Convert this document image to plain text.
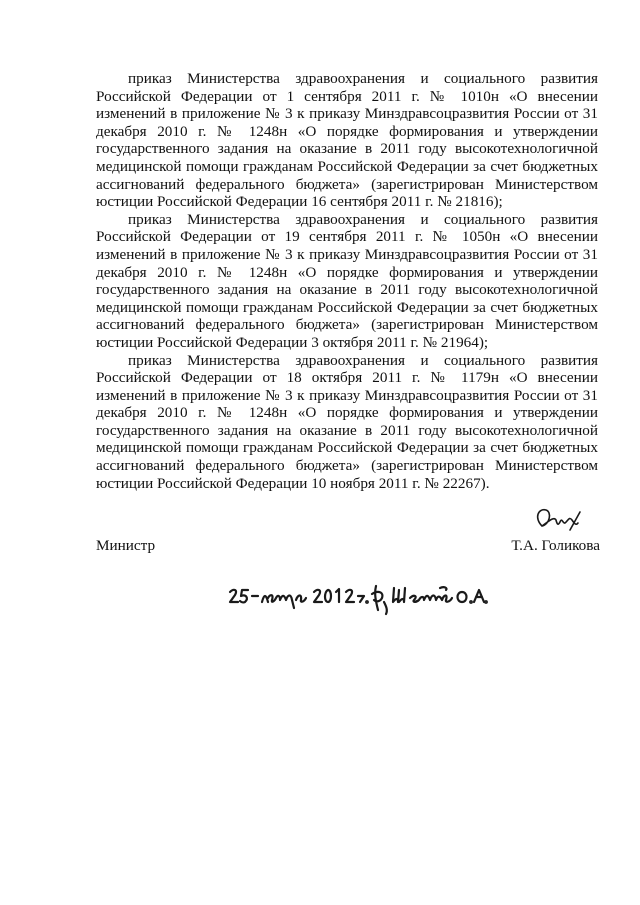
приказ Министерства здравоохранения и социального развития Российской Федерации от 1 сентября 2011 г. № 1010н «О внесении изменений в приложение № 3 к приказу Минздравсоцразвития России от 31 декабря 2010 г. № 1248н «О порядке формирования и утверждении государственного задания на оказание в 2011 году высокотехнологичной медицинской помощи гражданам Российской Федерации за счет бюджетных ассигнований федерального бюджета» (зарегистрирован Министерством юстиции Российской Федерации 16 сентября 2011 г. № 21816);

приказ Министерства здравоохранения и социального развития Российской Федерации от 19 сентября 2011 г. № 1050н «О внесении изменений в приложение № 3 к приказу Минздравсоцразвития России от 31 декабря 2010 г. № 1248н «О порядке формирования и утверждении государственного задания на оказание в 2011 году высокотехнологичной медицинской помощи гражданам Российской Федерации за счет бюджетных ассигнований федерального бюджета» (зарегистрирован Министерством юстиции Российской Федерации 3 октября 2011 г. № 21964);

приказ Министерства здравоохранения и социального развития Российской Федерации от 18 октября 2011 г. № 1179н «О внесении изменений в приложение № 3 к приказу Минздравсоцразвития России от 31 декабря 2010 г. № 1248н «О порядке формирования и утверждении государственного задания на оказание в 2011 году высокотехнологичной медицинской помощи гражданам Российской Федерации за счет бюджетных ассигнований федерального бюджета» (зарегистрирован Министерством юстиции Российской Федерации 10 ноября 2011 г. № 22267).

Министр	Т.А. Голикова
25 января 2012 г. Шерушева О.А.
